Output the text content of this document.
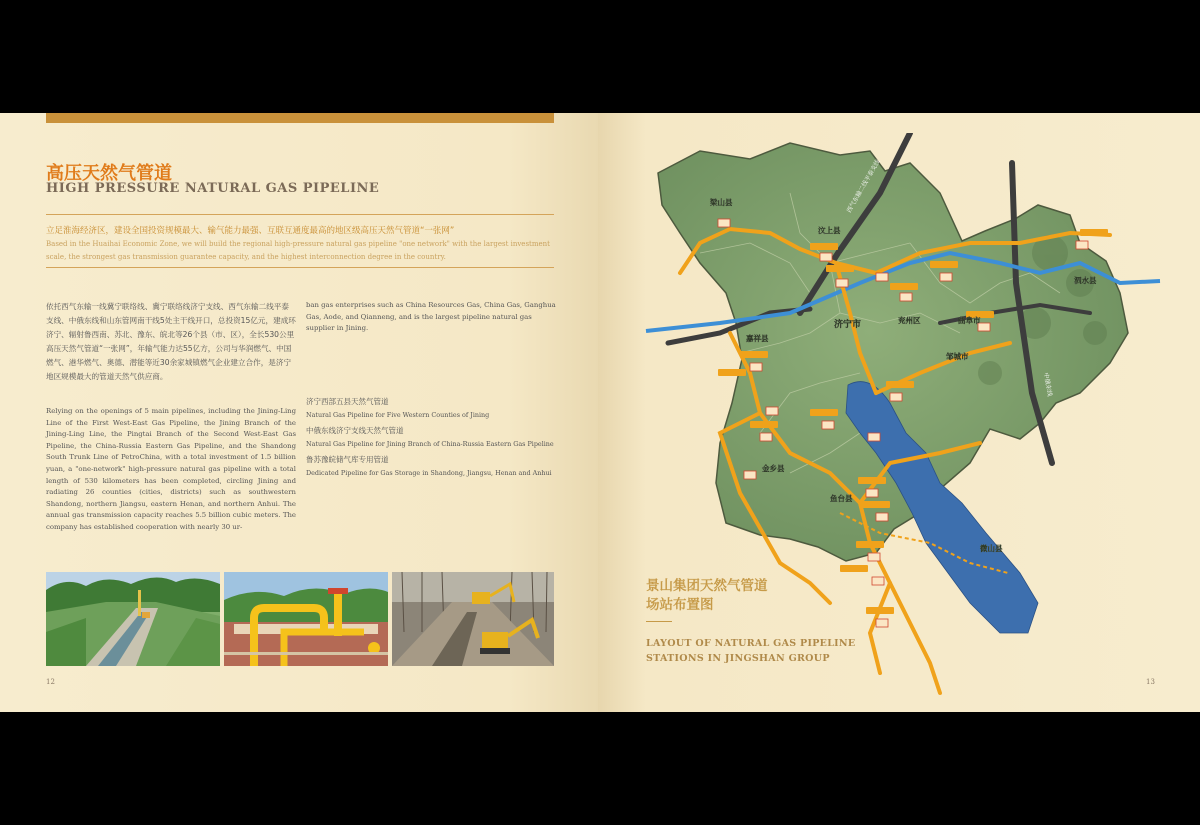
高压天然气管道
HIGH PRESSURE NATURAL GAS PIPELINE

立足淮海经济区，建设全国投资规模最大、输气能力最强、互联互通度最高的地区级高压天然气管道“一张网”

Based in the Huaihai Economic Zone, we will build the regional high-pressure natural gas pipeline "one network" with the largest investment scale, the strongest gas transmission guarantee capacity, and the highest interconnection degree in the country.

依托西气东输一线冀宁联络线、冀宁联络线济宁支线、西气东输二线平泰支线、中俄东线和山东管网南干线5处主干线开口，总投资15亿元，建成环济宁、辐射鲁西南、苏北、豫东、皖北等26个县（市、区），全长530公里高压天然气管道“一张网”，年输气能力达55亿方，公司与华润燃气、中国燃气、港华燃气、奥德、潜能等近30余家城镇燃气企业建立合作，是济宁地区规模最大的管道天然气供应商。

Relying on the openings of 5 main pipelines, including the Jining-Ling Line of the First West-East Gas Pipeline, the Jining Branch of the Jining-Ling Line, the Pingtai Branch of the Second West-East Gas Pipeline, the China-Russia Eastern Gas Pipeline, and the Shandong South Trunk Line of PetroChina, with a total investment of 1.5 billion yuan, a "one-network" high-pressure natural gas pipeline with a total length of 530 kilometers has been completed, circling Jining and radiating 26 counties (cities, districts) such as southwestern Shandong, northern Jiangsu, eastern Henan, and northern Anhui. The annual gas transmission capacity reaches 5.5 billion cubic meters. The company has established cooperation with nearly 30 ur-

ban gas enterprises such as China Resources Gas, China Gas, Ganghua Gas, Aode, and Qianneng, and is the largest pipeline natural gas supplier in Jining.

济宁西部五县天然气管道

Natural Gas Pipeline for Five Western Counties of Jining

中俄东线济宁支线天然气管道

Natural Gas Pipeline for Jining Branch of China-Russia Eastern Gas Pipeline

鲁苏豫皖储气库专用管道

Dedicated Pipeline for Gas Storage in Shandong, Jiangsu, Henan and Anhui

12	13
梁山县
汶上县
济宁市	兖州区	曲阜市
泗水县
嘉祥县
邹城市
金乡县
鱼台县
微山县
西气东输二线平泰支线
中俄东线
景山集团天然气管道
场站布置图
LAYOUT OF NATURAL GAS PIPELINE
STATIONS IN JINGSHAN GROUP
